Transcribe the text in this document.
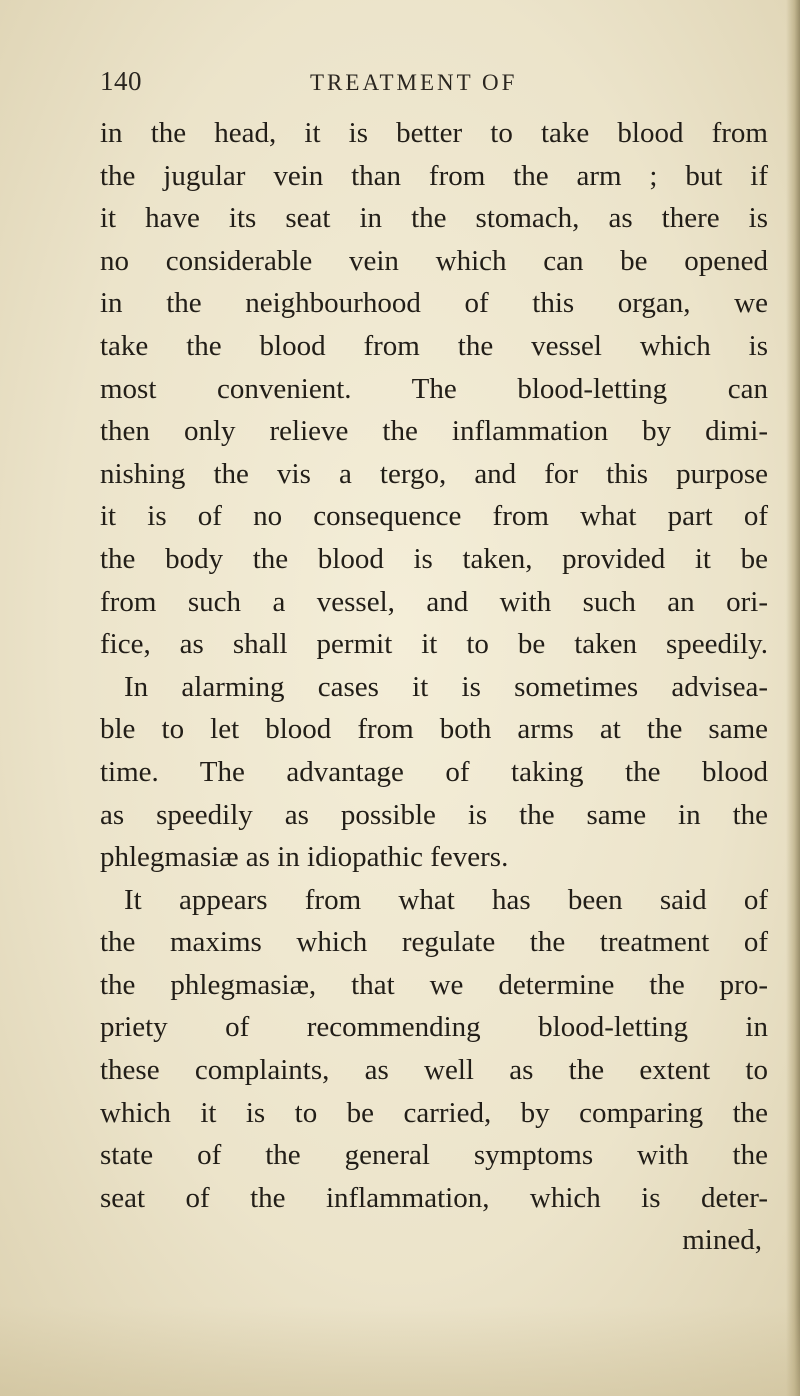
140	TREATMENT OF
in the head, it is better to take blood from
the jugular vein than from the arm ; but if
it have its seat in the stomach, as there is
no considerable vein which can be opened
in the neighbourhood of this organ, we
take the blood from the vessel which is
most convenient. The blood-letting can
then only relieve the inflammation by dimi-
nishing the vis a tergo, and for this purpose
it is of no consequence from what part of
the body the blood is taken, provided it be
from such a vessel, and with such an ori-
fice, as shall permit it to be taken speedily.
In alarming cases it is sometimes advisea-
ble to let blood from both arms at the same
time. The advantage of taking the blood
as speedily as possible is the same in the
phlegmasiæ as in idiopathic fevers.
It appears from what has been said of
the maxims which regulate the treatment of
the phlegmasiæ, that we determine the pro-
priety of recommending blood-letting in
these complaints, as well as the extent to
which it is to be carried, by comparing the
state of the general symptoms with the
seat of the inflammation, which is deter-
mined,
